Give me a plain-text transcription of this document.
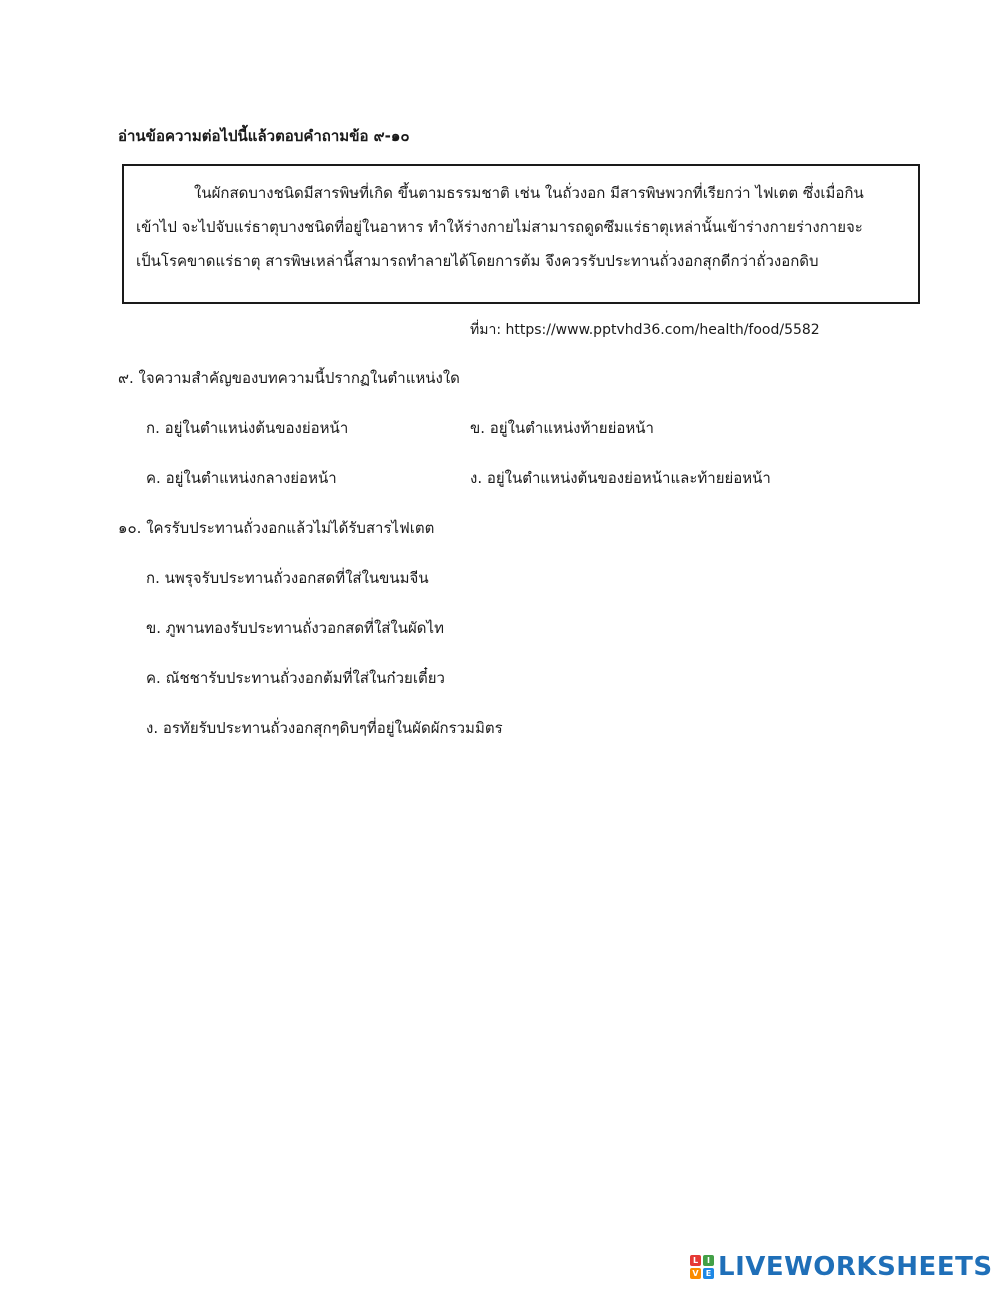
อ่านข้อความต่อไปนี้แล้วตอบคำถามข้อ ๙-๑๐
ในผักสดบางชนิดมีสารพิษที่เกิด ขึ้นตามธรรมชาติ เช่น ในถั่วงอก มีสารพิษพวกที่เรียกว่า ไฟเตต ซึ่งเมื่อกิน
เข้าไป จะไปจับแร่ธาตุบางชนิดที่อยู่ในอาหาร ทำให้ร่างกายไม่สามารถดูดซึมแร่ธาตุเหล่านั้นเข้าร่างกายร่างกายจะ
เป็นโรคขาดแร่ธาตุ สารพิษเหล่านี้สามารถทำลายได้โดยการต้ม จึงควรรับประทานถั่วงอกสุกดีกว่าถั่วงอกดิบ
ที่มา: https://www.pptvhd36.com/health/food/5582
๙. ใจความสำคัญของบทความนี้ปรากฏในตำแหน่งใด
ก. อยู่ในตำแหน่งต้นของย่อหน้า	ข. อยู่ในตำแหน่งท้ายย่อหน้า
ค. อยู่ในตำแหน่งกลางย่อหน้า	ง. อยู่ในตำแหน่งต้นของย่อหน้าและท้ายย่อหน้า
๑๐. ใครรับประทานถั่วงอกแล้วไม่ได้รับสารไฟเตต
ก. นพรุจรับประทานถั่วงอกสดที่ใส่ในขนมจีน
ข. ภูพานทองรับประทานถั่งวอกสดที่ใส่ในผัดไท
ค. ณัชชารับประทานถั่วงอกต้มที่ใส่ในก๋วยเตี๋ยว
ง. อรทัยรับประทานถั่วงอกสุกๆดิบๆที่อยู่ในผัดผักรวมมิตร
L	I
V E LIVEWORKSHEETS
